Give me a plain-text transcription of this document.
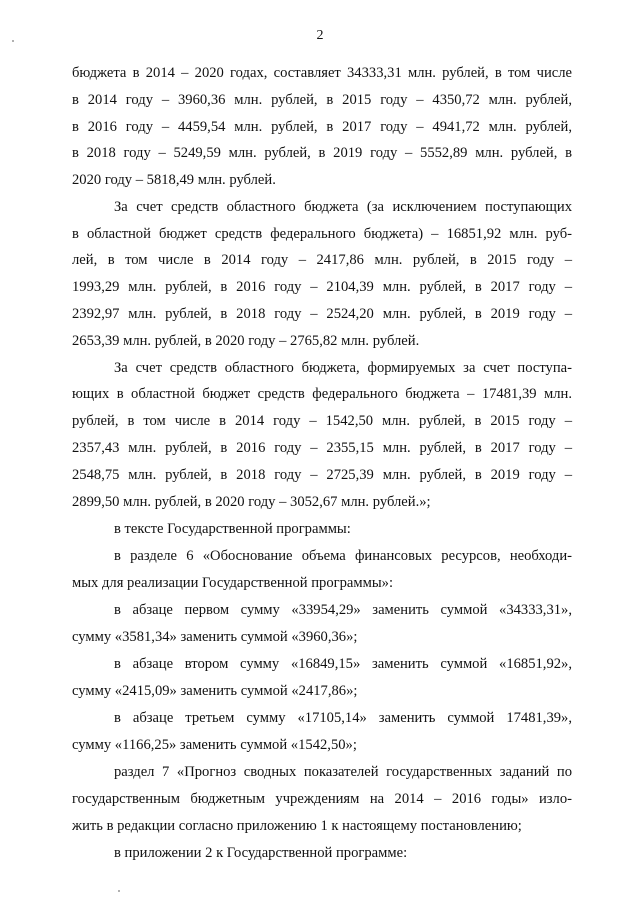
2

бюджета в 2014 – 2020 годах, составляет 34333,31 млн. рублей, в том числе

в 2014 году – 3960,36 млн. рублей, в 2015 году – 4350,72 млн. рублей,

в 2016 году – 4459,54 млн. рублей, в 2017 году – 4941,72 млн. рублей,

в 2018 году – 5249,59 млн. рублей, в 2019 году – 5552,89 млн. рублей, в

2020 году – 5818,49 млн. рублей.

За счет средств областного бюджета (за исключением поступающих

в областной бюджет средств федерального бюджета) – 16851,92 млн. руб-

лей, в том числе в 2014 году – 2417,86 млн. рублей, в 2015 году –

1993,29 млн. рублей, в 2016 году – 2104,39 млн. рублей, в 2017 году –

2392,97 млн. рублей, в 2018 году – 2524,20 млн. рублей, в 2019 году –

2653,39 млн. рублей, в 2020 году – 2765,82 млн. рублей.

За счет средств областного бюджета, формируемых за счет поступа-

ющих в областной бюджет средств федерального бюджета – 17481,39 млн.

рублей, в том числе в 2014 году – 1542,50 млн. рублей, в 2015 году –

2357,43 млн. рублей, в 2016 году – 2355,15 млн. рублей, в 2017 году –

2548,75 млн. рублей, в 2018 году – 2725,39 млн. рублей, в 2019 году –

2899,50 млн. рублей, в 2020 году – 3052,67 млн. рублей.»;

в тексте Государственной программы:

в разделе 6 «Обоснование объема финансовых ресурсов, необходи-

мых для реализации Государственной программы»:

в абзаце первом сумму «33954,29» заменить суммой «34333,31»,

сумму «3581,34» заменить суммой «3960,36»;

в абзаце втором сумму «16849,15» заменить суммой «16851,92»,

сумму «2415,09» заменить суммой «2417,86»;

в абзаце третьем сумму «17105,14» заменить суммой 17481,39»,

сумму «1166,25» заменить суммой «1542,50»;

раздел 7 «Прогноз сводных показателей государственных заданий по

государственным бюджетным учреждениям на 2014 – 2016 годы» изло-

жить в редакции согласно приложению 1 к настоящему постановлению;

в приложении 2 к Государственной программе:
